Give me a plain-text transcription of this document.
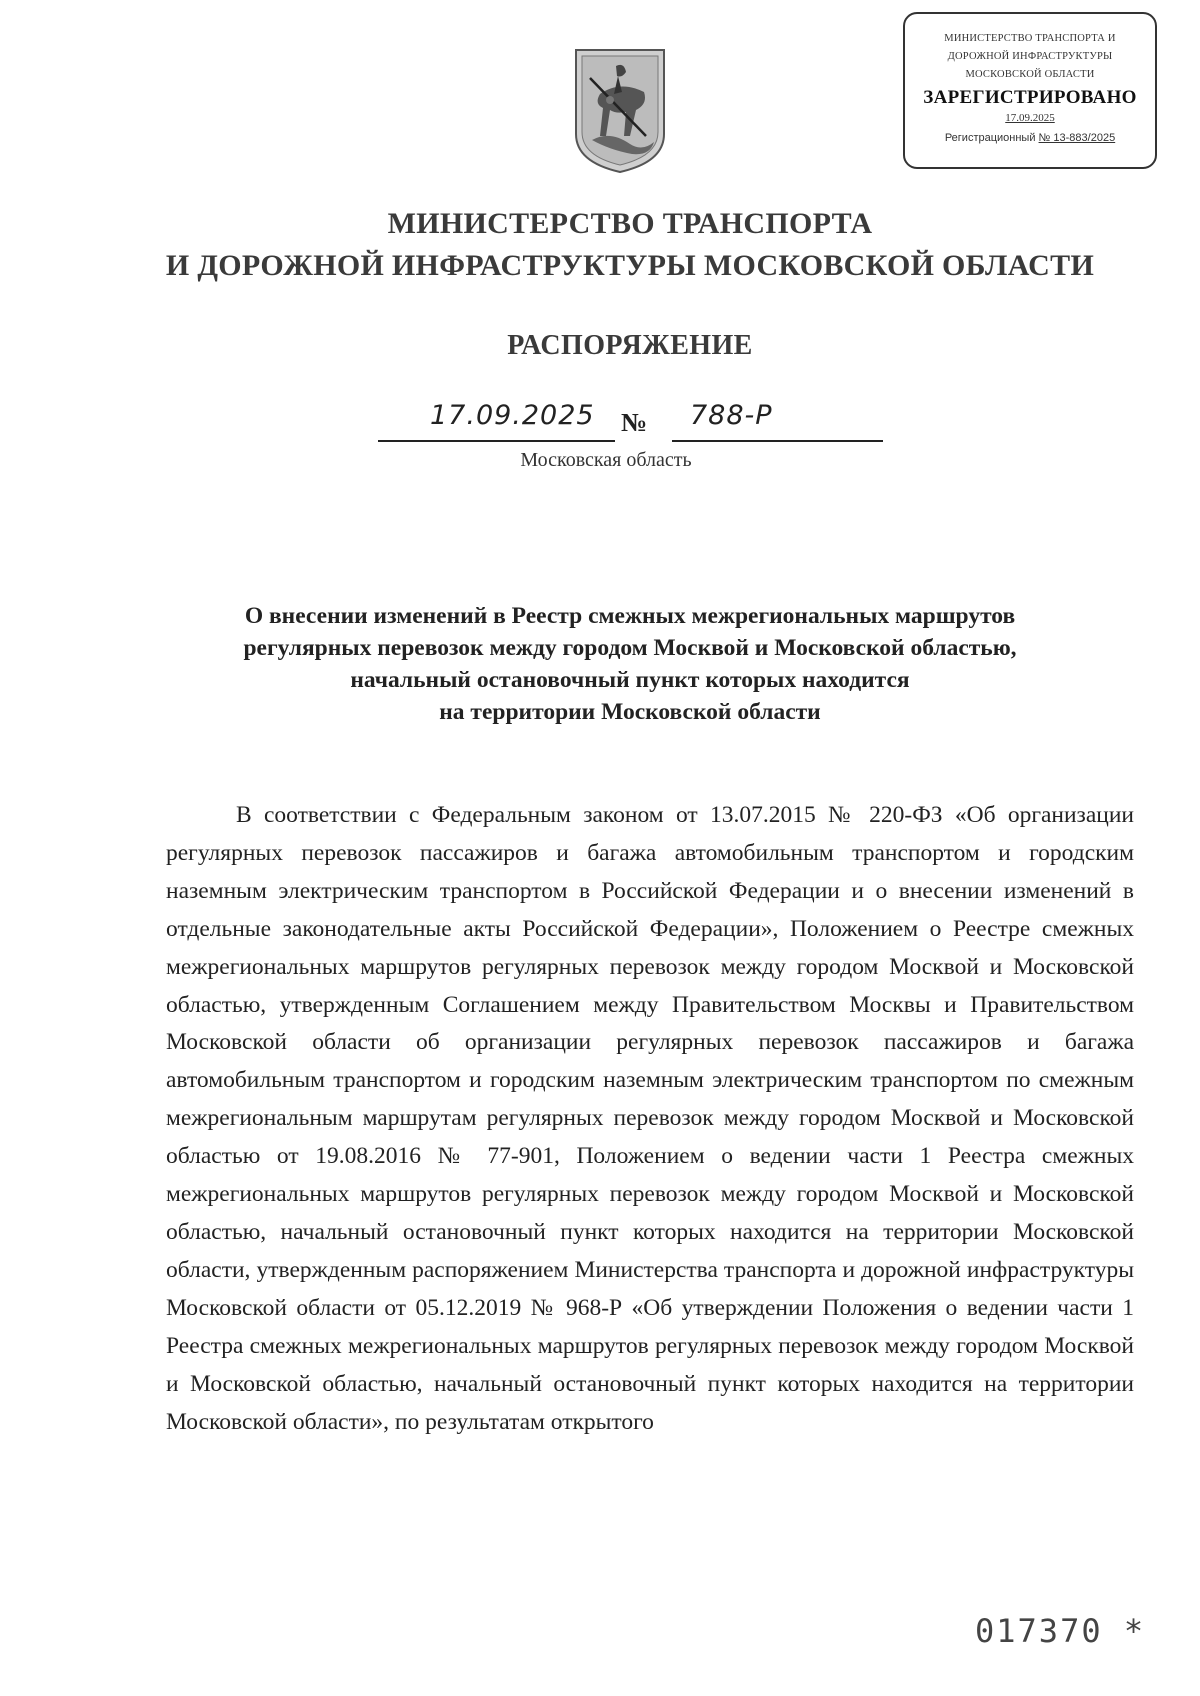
МИНИСТЕРСТВО ТРАНСПОРТА И
ДОРОЖНОЙ ИНФРАСТРУКТУРЫ
МОСКОВСКОЙ ОБЛАСТИ
ЗАРЕГИСТРИРОВАНО
17.09.2025
Регистрационный № 13-883/2025
МИНИСТЕРСТВО ТРАНСПОРТА
И ДОРОЖНОЙ ИНФРАСТРУКТУРЫ МОСКОВСКОЙ ОБЛАСТИ
РАСПОРЯЖЕНИЕ
17.09.2025 № 788-Р
Московская область
О внесении изменений в Реестр смежных межрегиональных маршрутов
регулярных перевозок между городом Москвой и Московской областью,
начальный остановочный пункт которых находится
на территории Московской области

В соответствии с Федеральным законом от 13.07.2015 № 220-ФЗ «Об организации регулярных перевозок пассажиров и багажа автомобильным транспортом и городским наземным электрическим транспортом в Российской Федерации и о внесении изменений в отдельные законодательные акты Российской Федерации», Положением о Реестре смежных межрегиональных маршрутов регулярных перевозок между городом Москвой и Московской областью, утвержденным Соглашением между Правительством Москвы и Правительством Московской области об организации регулярных перевозок пассажиров и багажа автомобильным транспортом и городским наземным электрическим транспортом по смежным межрегиональным маршрутам регулярных перевозок между городом Москвой и Московской областью от 19.08.2016 № 77-901, Положением о ведении части 1 Реестра смежных межрегиональных маршрутов регулярных перевозок между городом Москвой и Московской областью, начальный остановочный пункт которых находится на территории Московской области, утвержденным распоряжением Министерства транспорта и дорожной инфраструктуры Московской области от 05.12.2019 № 968-Р «Об утверждении Положения о ведении части 1 Реестра смежных межрегиональных маршрутов регулярных перевозок между городом Москвой и Московской областью, начальный остановочный пункт которых находится на территории Московской области», по результатам открытого

017370 *
